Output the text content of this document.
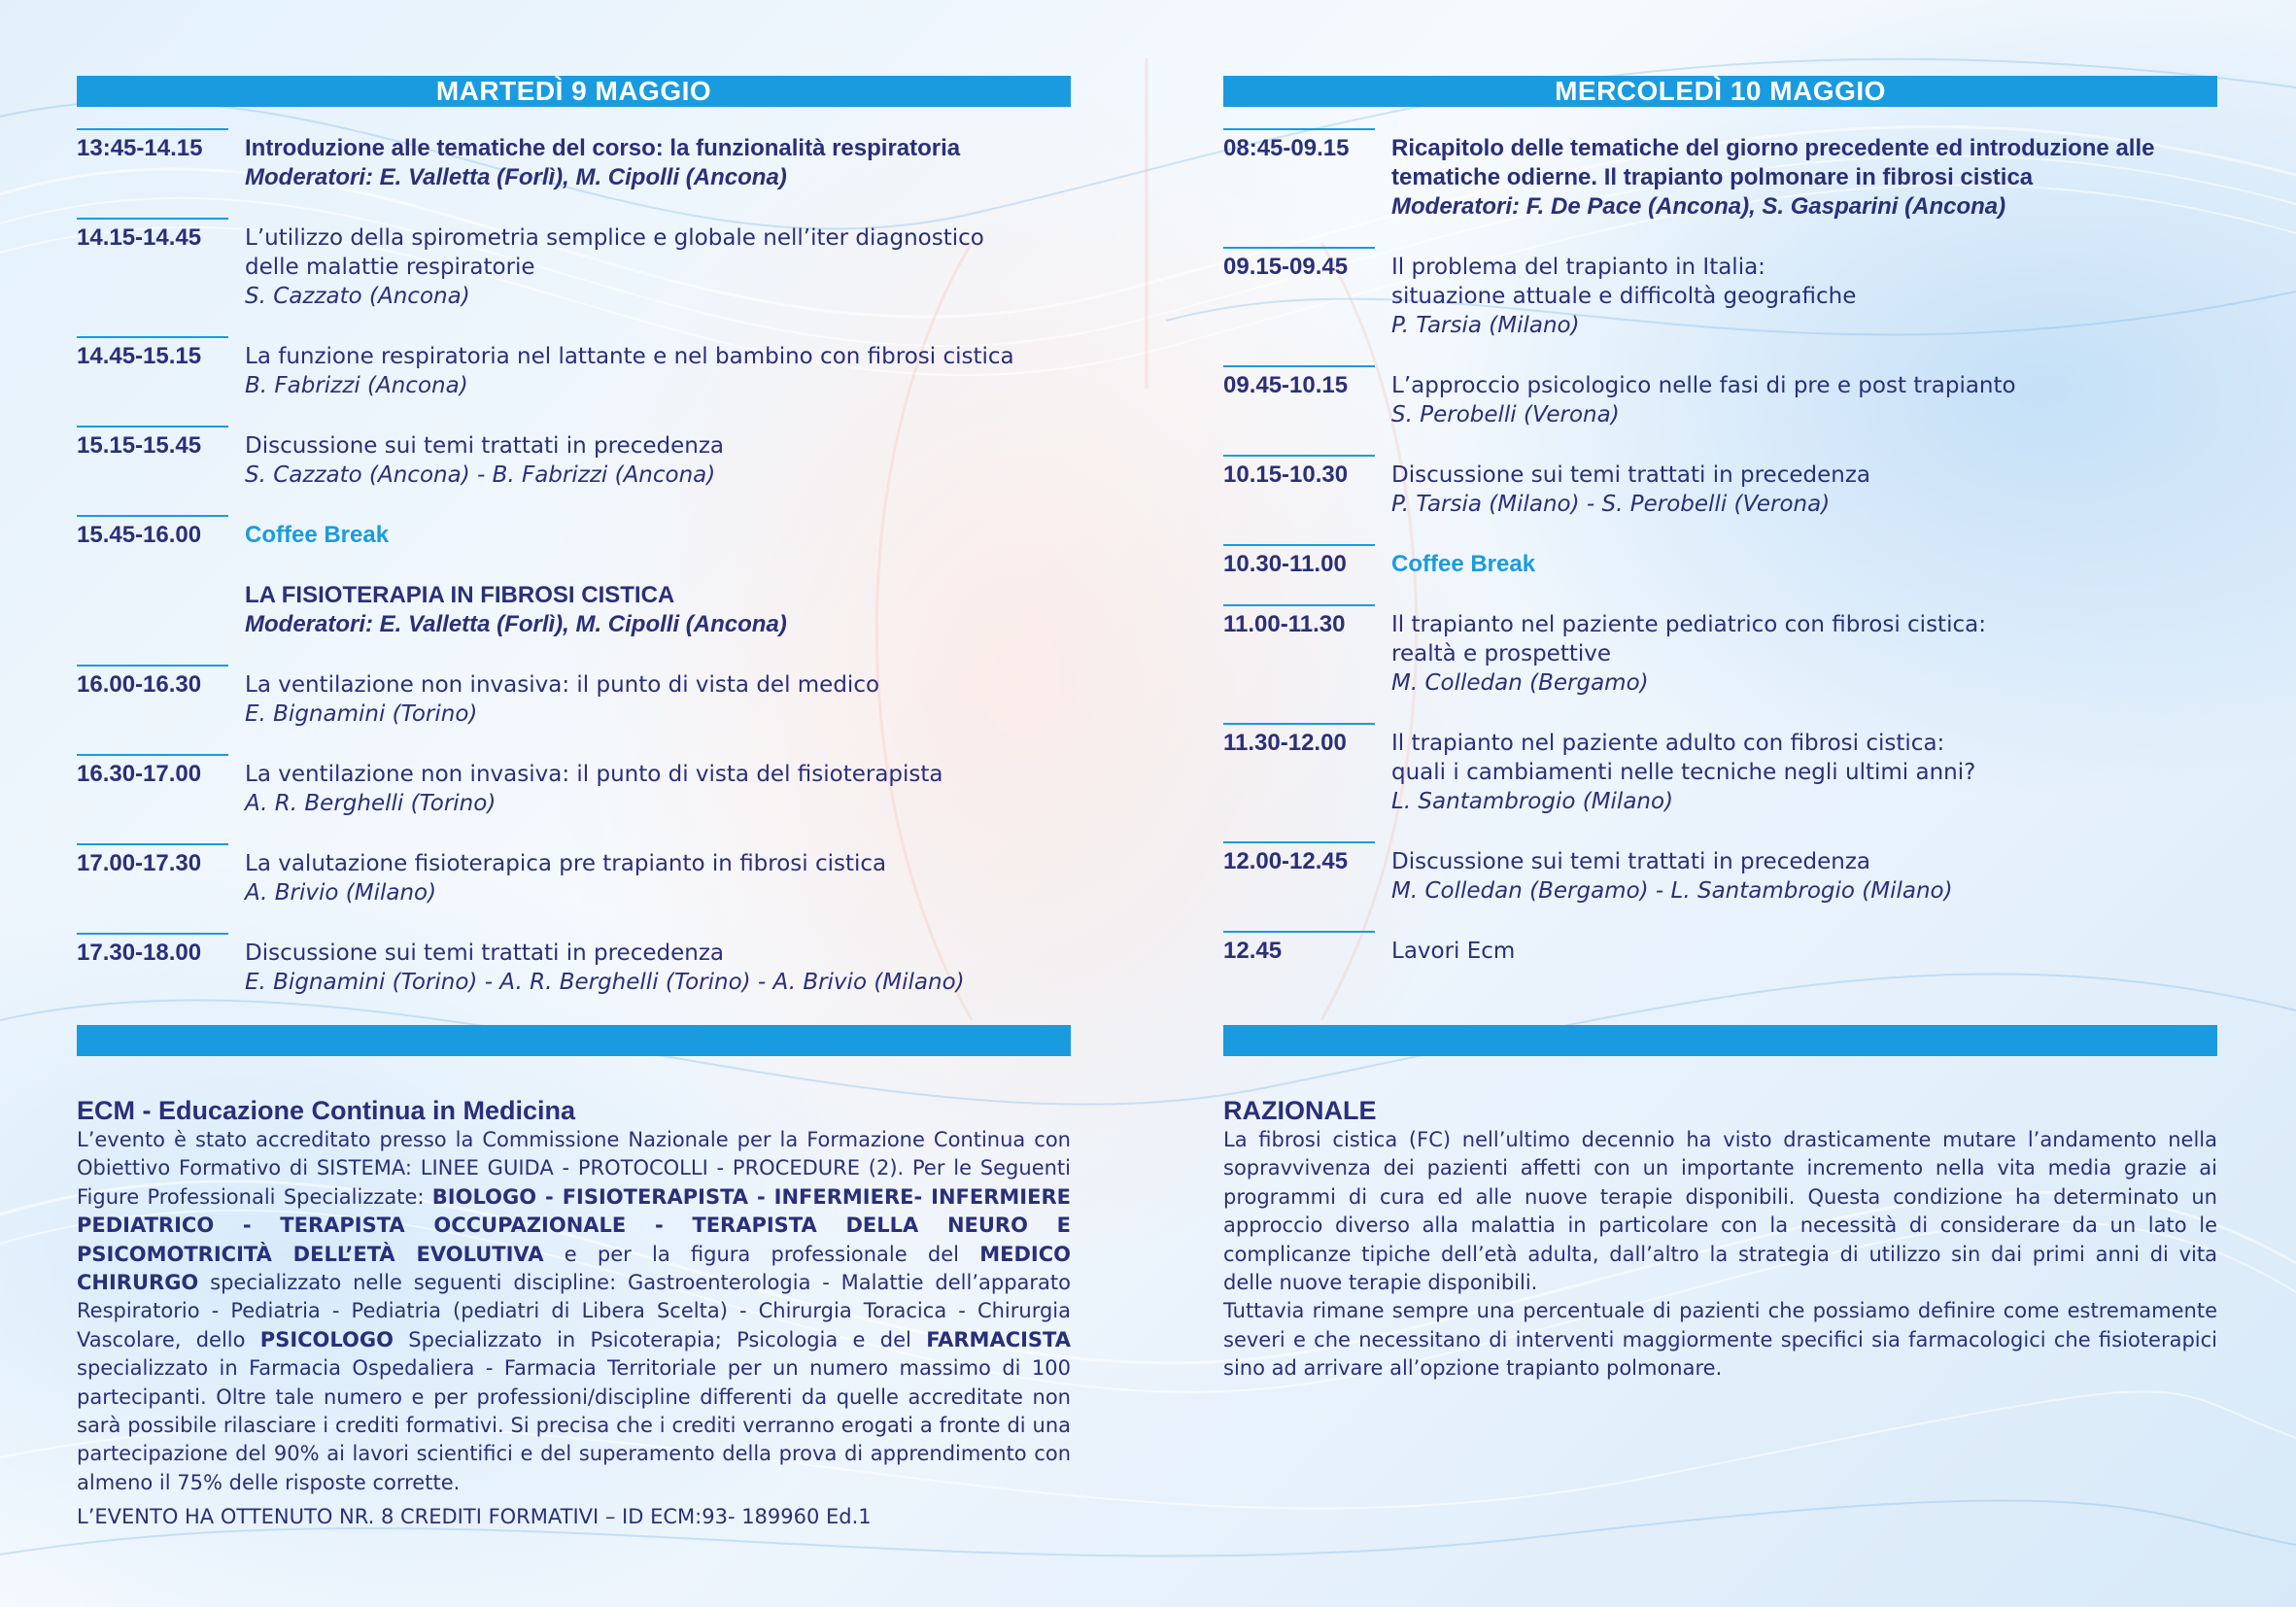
MARTEDÌ 9 MAGGIO
13:45-14.15	Introduzione alle tematiche del corso: la funzionalità respiratoria
Moderatori: E. Valletta (Forlì), M. Cipolli (Ancona)
14.15-14.45	L’utilizzo della spirometria semplice e globale nell’iter diagnostico
delle malattie respiratorie
S. Cazzato (Ancona)
14.45-15.15	La funzione respiratoria nel lattante e nel bambino con fibrosi cistica
B. Fabrizzi (Ancona)
15.15-15.45	Discussione sui temi trattati in precedenza
S. Cazzato (Ancona) - B. Fabrizzi (Ancona)
15.45-16.00	Coffee Break
LA FISIOTERAPIA IN FIBROSI CISTICA
Moderatori: E. Valletta (Forlì), M. Cipolli (Ancona)
16.00-16.30	La ventilazione non invasiva: il punto di vista del medico
E. Bignamini (Torino)
16.30-17.00	La ventilazione non invasiva: il punto di vista del fisioterapista
A. R. Berghelli (Torino)
17.00-17.30	La valutazione fisioterapica pre trapianto in fibrosi cistica
A. Brivio (Milano)
17.30-18.00	Discussione sui temi trattati in precedenza
E. Bignamini (Torino) - A. R. Berghelli (Torino) - A. Brivio (Milano)
MERCOLEDÌ 10 MAGGIO
08:45-09.15	Ricapitolo delle tematiche del giorno precedente ed introduzione alle
tematiche odierne. Il trapianto polmonare in fibrosi cistica
Moderatori: F. De Pace (Ancona), S. Gasparini (Ancona)
09.15-09.45	Il problema del trapianto in Italia:
situazione attuale e difficoltà geografiche
P. Tarsia (Milano)
09.45-10.15	L’approccio psicologico nelle fasi di pre e post trapianto
S. Perobelli (Verona)
10.15-10.30	Discussione sui temi trattati in precedenza
P. Tarsia (Milano) - S. Perobelli (Verona)
10.30-11.00	Coffee Break
11.00-11.30	Il trapianto nel paziente pediatrico con fibrosi cistica:
realtà e prospettive
M. Colledan (Bergamo)
11.30-12.00	Il trapianto nel paziente adulto con fibrosi cistica:
quali i cambiamenti nelle tecniche negli ultimi anni?
L. Santambrogio (Milano)
12.00-12.45	Discussione sui temi trattati in precedenza
M. Colledan (Bergamo) - L. Santambrogio (Milano)
12.45	Lavori Ecm
ECM - Educazione Continua in Medicina

L’evento è stato accreditato presso la Commissione Nazionale per la Formazione Continua con Obiettivo Formativo di SISTEMA: LINEE GUIDA - PROTOCOLLI - PROCEDURE (2). Per le Seguenti Figure Professionali Specializzate: BIOLOGO - FISIOTERAPISTA - INFERMIERE- INFERMIERE PEDIATRICO - TERAPISTA OCCUPAZIONALE - TERAPISTA DELLA NEURO E PSICOMOTRICITÀ DELL’ETÀ EVOLUTIVA e per la figura professionale del MEDICO CHIRURGO specializzato nelle seguenti discipline: Gastroenterologia - Malattie dell’apparato Respiratorio - Pediatria - Pediatria (pediatri di Libera Scelta) - Chirurgia Toracica - Chirurgia Vascolare, dello PSICOLOGO Specializzato in Psicoterapia; Psicologia e del FARMACISTA specializzato in Farmacia Ospedaliera - Farmacia Territoriale per un numero massimo di 100 partecipanti. Oltre tale numero e per professioni/discipline differenti da quelle accreditate non sarà possibile rilasciare i crediti formativi. Si precisa che i crediti verranno erogati a fronte di una partecipazione del 90% ai lavori scientifici e del superamento della prova di apprendimento con almeno il 75% delle risposte corrette.

L’EVENTO HA OTTENUTO NR. 8 CREDITI FORMATIVI – ID ECM:93- 189960 Ed.1

RAZIONALE

La fibrosi cistica (FC) nell’ultimo decennio ha visto drasticamente mutare l’andamento nella sopravvivenza dei pazienti affetti con un importante incremento nella vita media grazie ai programmi di cura ed alle nuove terapie disponibili. Questa condizione ha determinato un approccio diverso alla malattia in particolare con la necessità di considerare da un lato le complicanze tipiche dell’età adulta, dall’altro la strategia di utilizzo sin dai primi anni di vita delle nuove terapie disponibili.

Tuttavia rimane sempre una percentuale di pazienti che possiamo definire come estremamente severi e che necessitano di interventi maggiormente specifici sia farmacologici che fisioterapici sino ad arrivare all’opzione trapianto polmonare.
